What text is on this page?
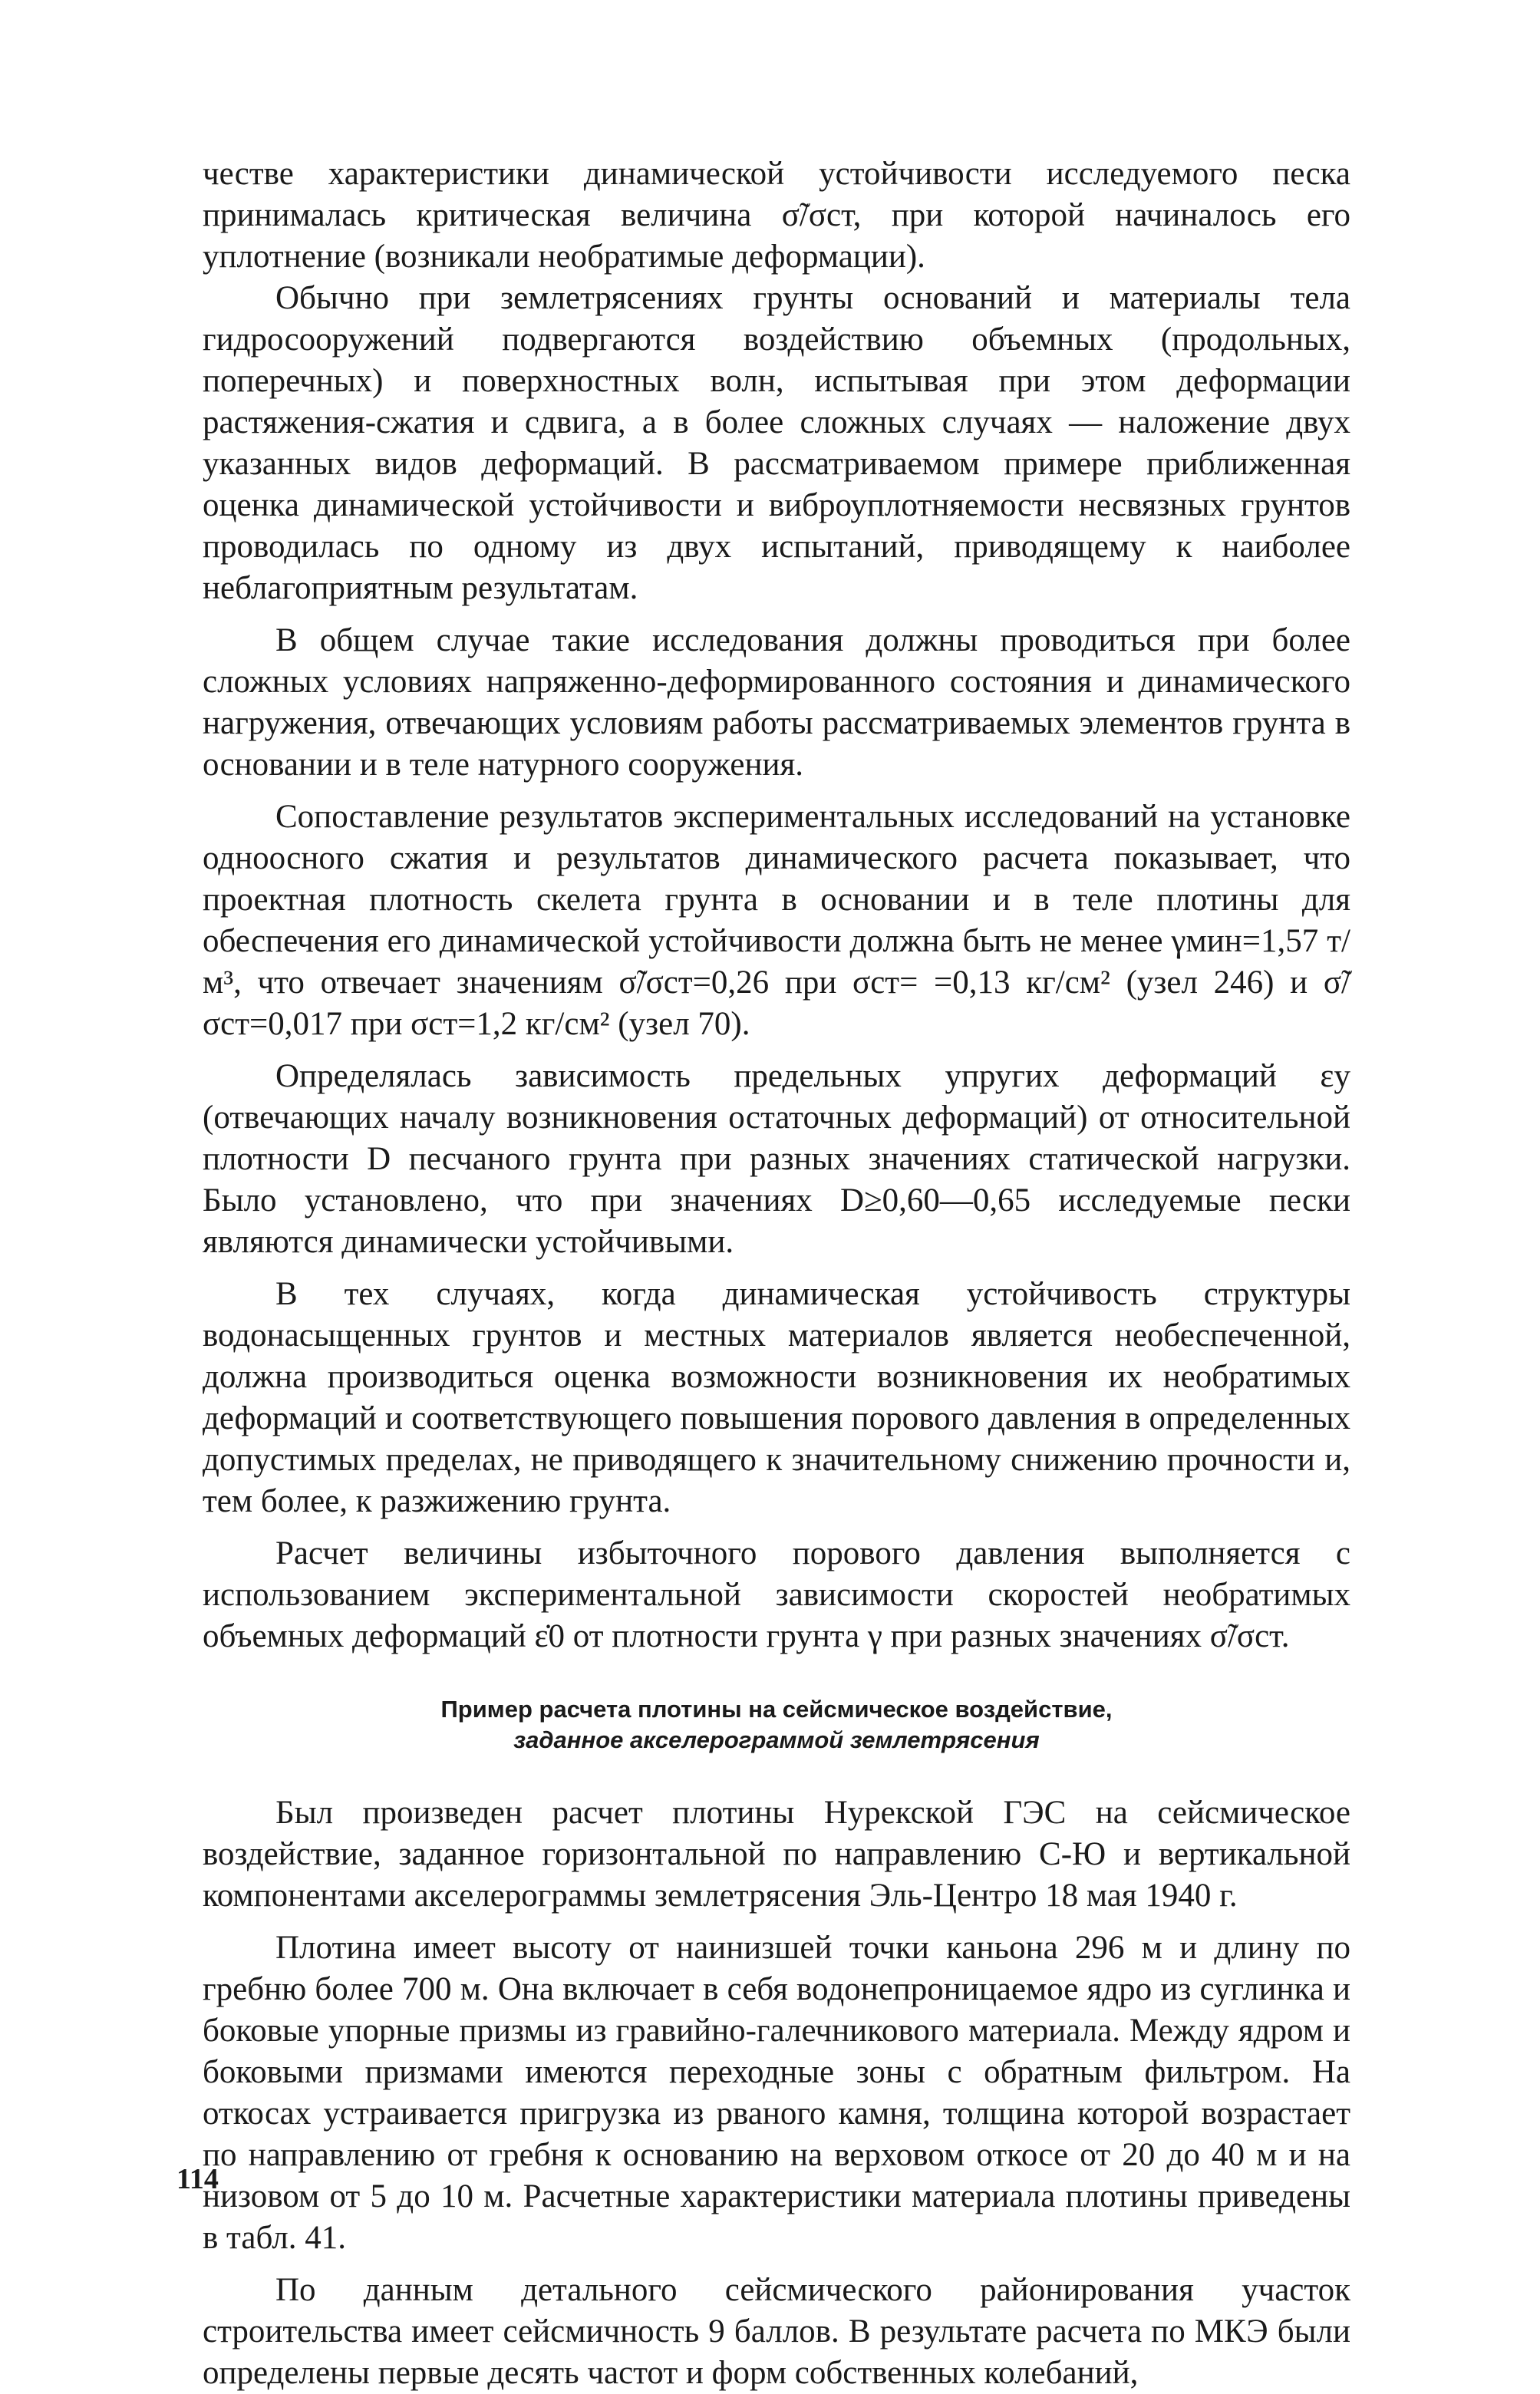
честве характеристики динамической устойчивости исследуемого песка принималась критическая величина σ̃/σст, при которой начиналось его уплотнение (возникали необратимые деформации).

Обычно при землетрясениях грунты оснований и материалы тела гидросооружений подвергаются воздействию объемных (продольных, поперечных) и поверхностных волн, испытывая при этом деформации растяжения-сжатия и сдвига, а в более сложных случаях — наложение двух указанных видов деформаций. В рассматриваемом примере приближенная оценка динамической устойчивости и виброуплотняемости несвязных грунтов проводилась по одному из двух испытаний, приводящему к наиболее неблагоприятным результатам.

В общем случае такие исследования должны проводиться при более сложных условиях напряженно-деформированного состояния и динамического нагружения, отвечающих условиям работы рассматриваемых элементов грунта в основании и в теле натурного сооружения.

Сопоставление результатов экспериментальных исследований на установке одноосного сжатия и результатов динамического расчета показывает, что проектная плотность скелета грунта в основании и в теле плотины для обеспечения его динамической устойчивости должна быть не менее γмин=1,57 т/м³, что отвечает значениям σ̃/σст=0,26 при σст= =0,13 кг/см² (узел 246) и σ̃/σст=0,017 при σст=1,2 кг/см² (узел 70).

Определялась зависимость предельных упругих деформаций εy (отвечающих началу возникновения остаточных деформаций) от относительной плотности D песчаного грунта при разных значениях статической нагрузки. Было установлено, что при значениях D≥0,60—0,65 исследуемые пески являются динамически устойчивыми.

В тех случаях, когда динамическая устойчивость структуры водонасыщенных грунтов и местных материалов является необеспеченной, должна производиться оценка возможности возникновения их необратимых деформаций и соответствующего повышения порового давления в определенных допустимых пределах, не приводящего к значительному снижению прочности и, тем более, к разжижению грунта.

Расчет величины избыточного порового давления выполняется с использованием экспериментальной зависимости скоростей необратимых объемных деформаций ε̇0 от плотности грунта γ при разных значениях σ̃/σст.

Пример расчета плотины на сейсмическое воздействие,
заданное акселерограммой землетрясения

Был произведен расчет плотины Нурекской ГЭС на сейсмическое воздействие, заданное горизонтальной по направлению С-Ю и вертикальной компонентами акселерограммы землетрясения Эль-Центро 18 мая 1940 г.

Плотина имеет высоту от наинизшей точки каньона 296 м и длину по гребню более 700 м. Она включает в себя водонепроницаемое ядро из суглинка и боковые упорные призмы из гравийно-галечникового материала. Между ядром и боковыми призмами имеются переходные зоны с обратным фильтром. На откосах устраивается пригрузка из рваного камня, толщина которой возрастает по направлению от гребня к основанию на верховом откосе от 20 до 40 м и на низовом от 5 до 10 м. Расчетные характеристики материала плотины приведены в табл. 41.

По данным детального сейсмического районирования участок строительства имеет сейсмичность 9 баллов. В результате расчета по МКЭ были определены первые десять частот и форм собственных колебаний,

114
